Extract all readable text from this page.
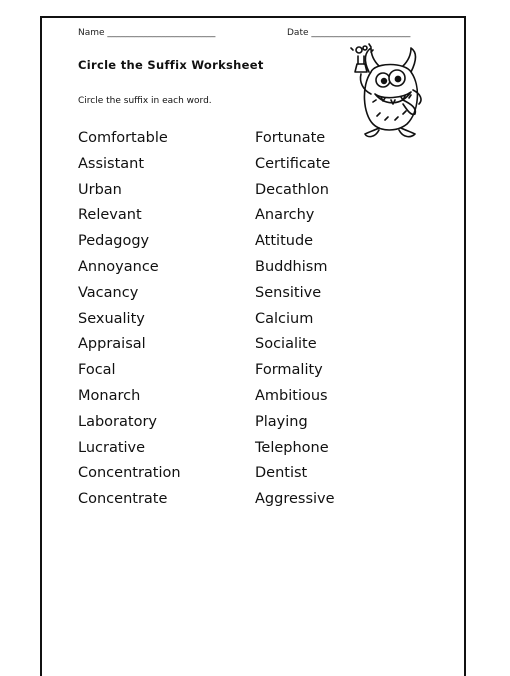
Name ________________________	Date ______________________
Circle the Suffix Worksheet
Circle the suffix in each word.
Comfortable
Assistant
Urban
Relevant
Pedagogy
Annoyance
Vacancy
Sexuality
Appraisal
Focal
Monarch
Laboratory
Lucrative
Concentration
Concentrate
Fortunate
Certificate
Decathlon
Anarchy
Attitude
Buddhism
Sensitive
Calcium
Socialite
Formality
Ambitious
Playing
Telephone
Dentist
Aggressive
